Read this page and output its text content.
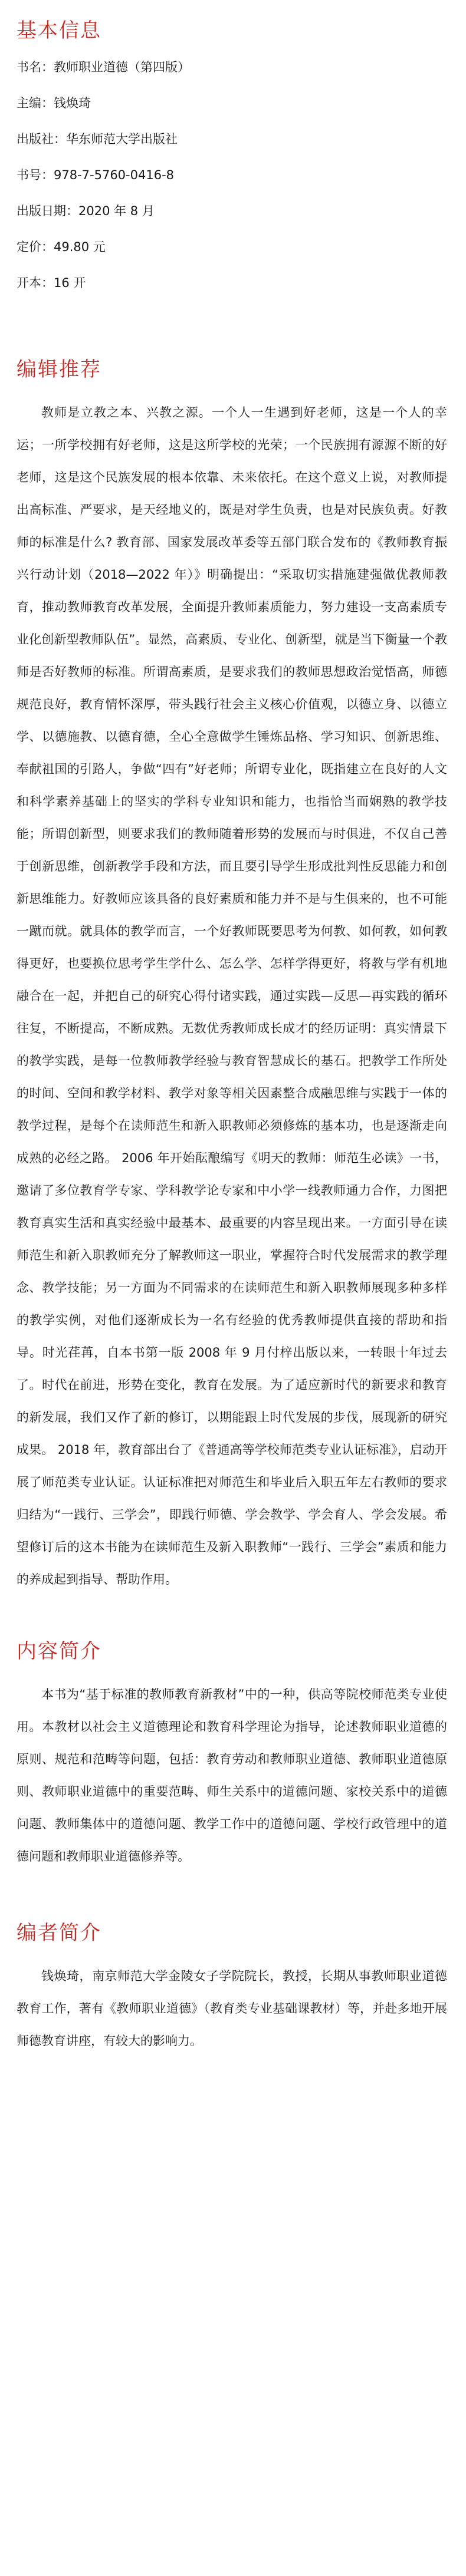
基本信息

书名：教师职业道德（第四版）

主编：钱焕琦

出版社：华东师范大学出版社

书号：978-7-5760-0416-8

出版日期：2020 年 8 月

定价：49.80 元

开本：16 开

编辑推荐

教师是立教之本、兴教之源。一个人一生遇到好老师，这是一个人的幸运；一所学校拥有好老师，这是这所学校的光荣；一个民族拥有源源不断的好老师，这是这个民族发展的根本依靠、未来依托。在这个意义上说，对教师提出高标准、严要求，是天经地义的，既是对学生负责，也是对民族负责。好教师的标准是什么? 教育部、国家发展改革委等五部门联合发布的《教师教育振兴行动计划（2018—2022 年）》明确提出：“采取切实措施建强做优教师教育，推动教师教育改革发展，全面提升教师素质能力，努力建设一支高素质专业化创新型教师队伍”。显然，高素质、专业化、创新型，就是当下衡量一个教师是否好教师的标准。所谓高素质，是要求我们的教师思想政治觉悟高，师德规范良好，教育情怀深厚，带头践行社会主义核心价值观，以德立身、以德立学、以德施教、以德育德，全心全意做学生锤炼品格、学习知识、创新思维、奉献祖国的引路人，争做“四有”好老师；所谓专业化，既指建立在良好的人文和科学素养基础上的坚实的学科专业知识和能力，也指恰当而娴熟的教学技能；所谓创新型，则要求我们的教师随着形势的发展而与时俱进，不仅自己善于创新思维，创新教学手段和方法，而且要引导学生形成批判性反思能力和创新思维能力。好教师应该具备的良好素质和能力并不是与生俱来的，也不可能一蹴而就。就具体的教学而言，一个好教师既要思考为何教、如何教，如何教得更好，也要换位思考学生学什么、怎么学、怎样学得更好，将教与学有机地融合在一起，并把自己的研究心得付诸实践，通过实践—反思—再实践的循环往复，不断提高，不断成熟。无数优秀教师成长成才的经历证明：真实情景下的教学实践，是每一位教师教学经验与教育智慧成长的基石。把教学工作所处的时间、空间和教学材料、教学对象等相关因素整合成融思维与实践于一体的教学过程，是每个在读师范生和新入职教师必须修炼的基本功，也是逐渐走向成熟的必经之路。 2006 年开始酝酿编写《明天的教师：师范生必读》一书，邀请了多位教育学专家、学科教学论专家和中小学一线教师通力合作，力图把教育真实生活和真实经验中最基本、最重要的内容呈现出来。一方面引导在读师范生和新入职教师充分了解教师这一职业，掌握符合时代发展需求的教学理念、教学技能；另一方面为不同需求的在读师范生和新入职教师展现多种多样的教学实例，对他们逐渐成长为一名有经验的优秀教师提供直接的帮助和指导。时光荏苒，自本书第一版 2008 年 9 月付梓出版以来，一转眼十年过去了。时代在前进，形势在变化，教育在发展。为了适应新时代的新要求和教育的新发展，我们又作了新的修订，以期能跟上时代发展的步伐，展现新的研究成果。 2018 年，教育部出台了《普通高等学校师范类专业认证标准》，启动开展了师范类专业认证。认证标准把对师范生和毕业后入职五年左右教师的要求归结为“一践行、三学会”，即践行师德、学会教学、学会育人、学会发展。希望修订后的这本书能为在读师范生及新入职教师“一践行、三学会”素质和能力的养成起到指导、帮助作用。

内容简介

本书为“基于标准的教师教育新教材”中的一种，供高等院校师范类专业使用。本教材以社会主义道德理论和教育科学理论为指导，论述教师职业道德的原则、规范和范畴等问题，包括：教育劳动和教师职业道德、教师职业道德原则、教师职业道德中的重要范畴、师生关系中的道德问题、家校关系中的道德问题、教师集体中的道德问题、教学工作中的道德问题、学校行政管理中的道德问题和教师职业道德修养等。

编者简介

钱焕琦，南京师范大学金陵女子学院院长，教授，长期从事教师职业道德教育工作，著有《教师职业道德》（教育类专业基础课教材）等，并赴多地开展师德教育讲座，有较大的影响力。
